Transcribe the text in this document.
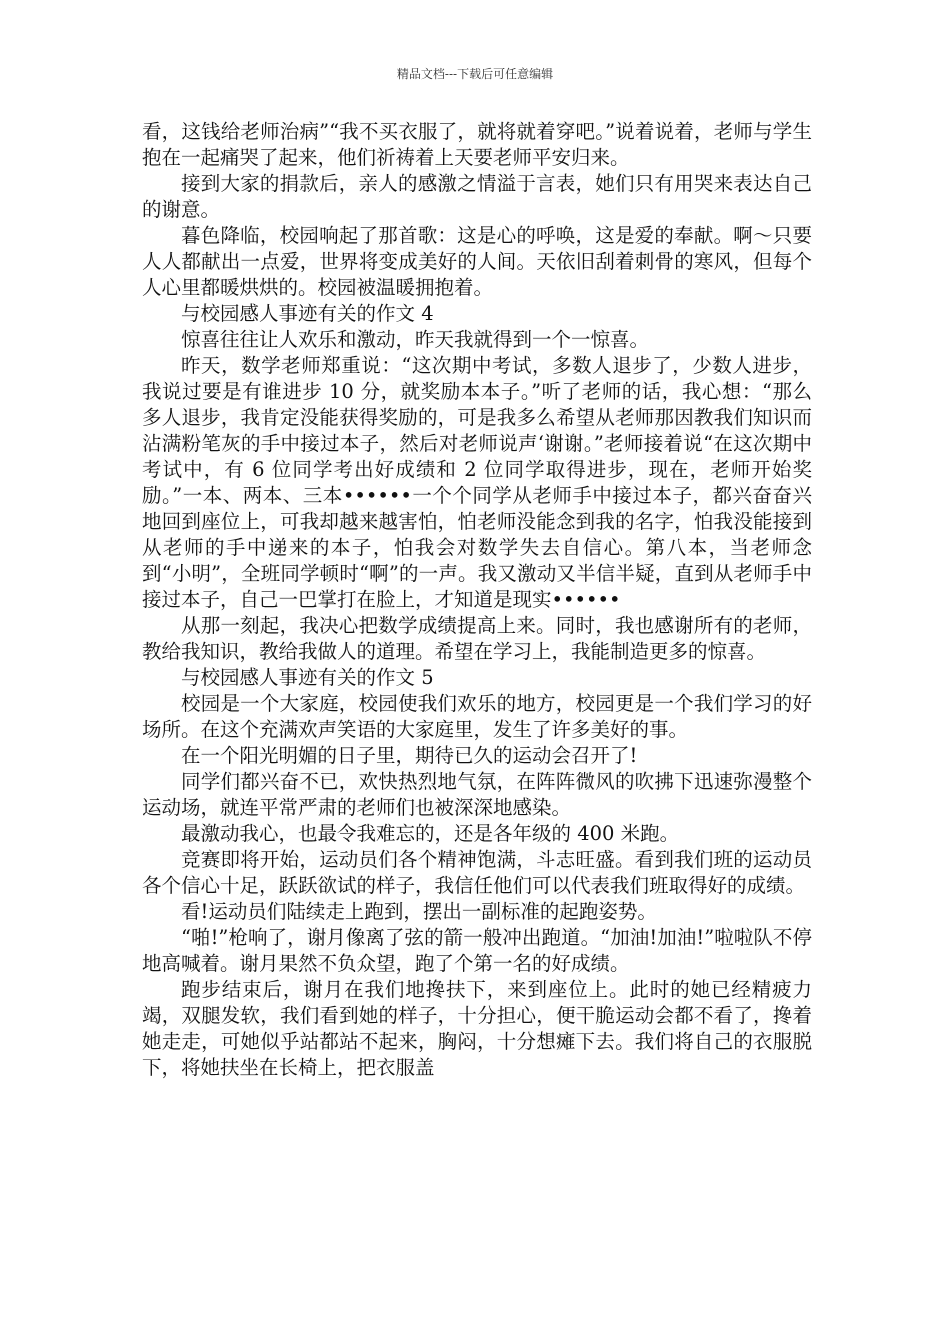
精品文档---下载后可任意编辑

看，这钱给老师治病”“我不买衣服了，就将就着穿吧。”说着说着，老师与学生抱在一起痛哭了起来，他们祈祷着上天要老师平安归来。

接到大家的捐款后，亲人的感激之情溢于言表，她们只有用哭来表达自己的谢意。

暮色降临，校园响起了那首歌：这是心的呼唤，这是爱的奉献。啊～只要人人都献出一点爱，世界将变成美好的人间。天依旧刮着刺骨的寒风，但每个人心里都暖烘烘的。校园被温暖拥抱着。

与校园感人事迹有关的作文 4

惊喜往往让人欢乐和激动，昨天我就得到一个一惊喜。

昨天，数学老师郑重说：“这次期中考试，多数人退步了，少数人进步，我说过要是有谁进步 10 分，就奖励本本子。”听了老师的话，我心想：“那么多人退步，我肯定没能获得奖励的，可是我多么希望从老师那因教我们知识而沾满粉笔灰的手中接过本子，然后对老师说声‘谢谢。”老师接着说“在这次期中考试中，有 6 位同学考出好成绩和 2 位同学取得进步，现在，老师开始奖励。”一本、两本、三本••••••一个个同学从老师手中接过本子，都兴奋奋兴地回到座位上，可我却越来越害怕，怕老师没能念到我的名字，怕我没能接到从老师的手中递来的本子，怕我会对数学失去自信心。第八本，当老师念到“小明”，全班同学顿时“啊”的一声。我又激动又半信半疑，直到从老师手中接过本子，自己一巴掌打在脸上，才知道是现实••••••

从那一刻起，我决心把数学成绩提高上来。同时，我也感谢所有的老师，教给我知识，教给我做人的道理。希望在学习上，我能制造更多的惊喜。

与校园感人事迹有关的作文 5

校园是一个大家庭，校园使我们欢乐的地方，校园更是一个我们学习的好场所。在这个充满欢声笑语的大家庭里，发生了许多美好的事。

在一个阳光明媚的日子里，期待已久的运动会召开了!

同学们都兴奋不已，欢快热烈地气氛，在阵阵微风的吹拂下迅速弥漫整个运动场，就连平常严肃的老师们也被深深地感染。

最激动我心，也最令我难忘的，还是各年级的 400 米跑。

竞赛即将开始，运动员们各个精神饱满，斗志旺盛。看到我们班的运动员各个信心十足，跃跃欲试的样子，我信任他们可以代表我们班取得好的成绩。

看!运动员们陆续走上跑到，摆出一副标准的起跑姿势。

“啪!”枪响了，谢月像离了弦的箭一般冲出跑道。“加油!加油!”啦啦队不停地高喊着。谢月果然不负众望，跑了个第一名的好成绩。

跑步结束后，谢月在我们地搀扶下，来到座位上。此时的她已经精疲力竭，双腿发软，我们看到她的样子，十分担心，便干脆运动会都不看了，搀着她走走，可她似乎站都站不起来，胸闷，十分想瘫下去。我们将自己的衣服脱下，将她扶坐在长椅上，把衣服盖
